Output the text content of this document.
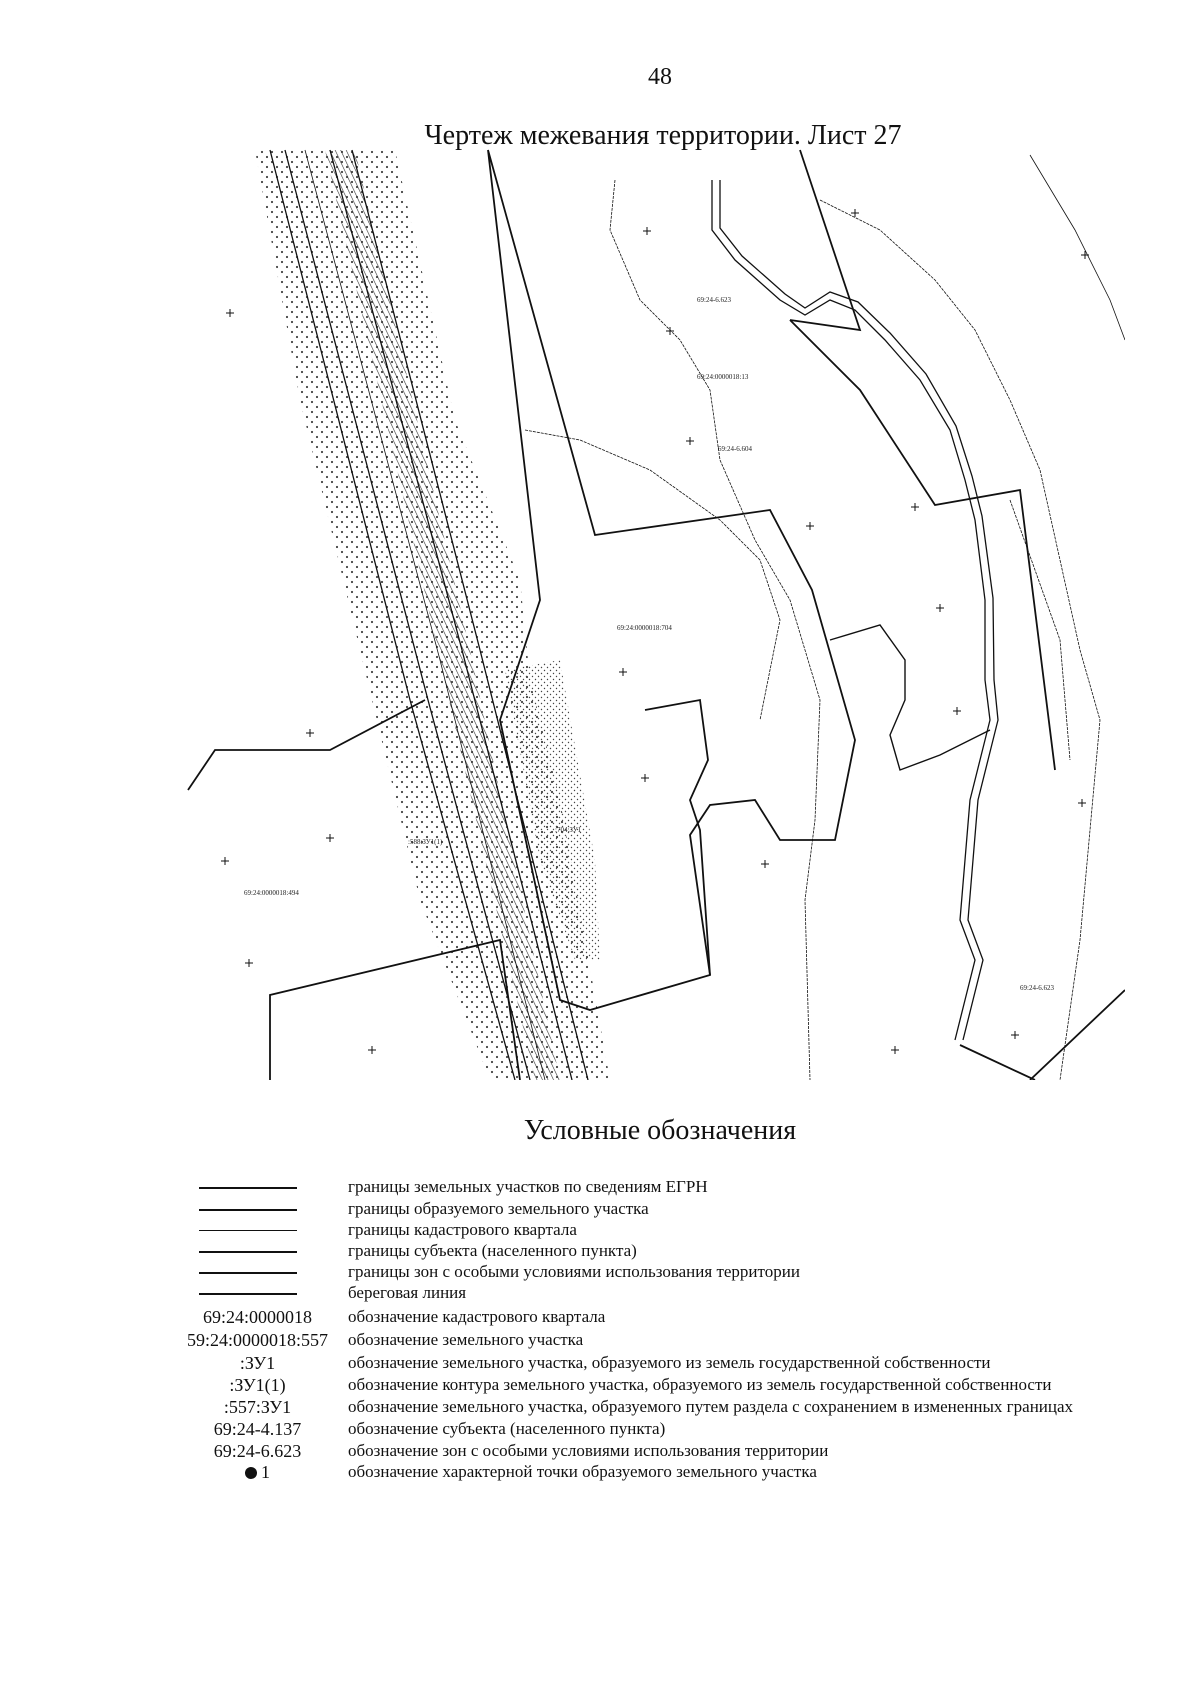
48
Чертеж межевания территории. Лист 27
69:24-6.623
69:24:0000018:13
69:24-6.604
69:24:0000018:704
69:24:0000018:494
69:24-6.623
:588:ЗУ1(1)
:704:ЗУ1
Условные обозначения
границы земельных участков по сведениям ЕГРН
границы образуемого земельного участка
границы кадастрового квартала
границы субъекта (населенного пункта)
границы зон с особыми условиями использования территории
береговая линия
69:24:0000018	обозначение кадастрового квартала
59:24:0000018:557	обозначение земельного участка
:ЗУ1	обозначение земельного участка, образуемого из земель государственной собственности
:ЗУ1(1)	обозначение контура земельного участка, образуемого из земель государственной собственности
:557:ЗУ1	обозначение земельного участка, образуемого путем раздела с сохранением в измененных границах
69:24-4.137	обозначение субъекта (населенного пункта)
69:24-6.623	обозначение зон с особыми условиями использования территории
1	обозначение характерной точки образуемого земельного участка
